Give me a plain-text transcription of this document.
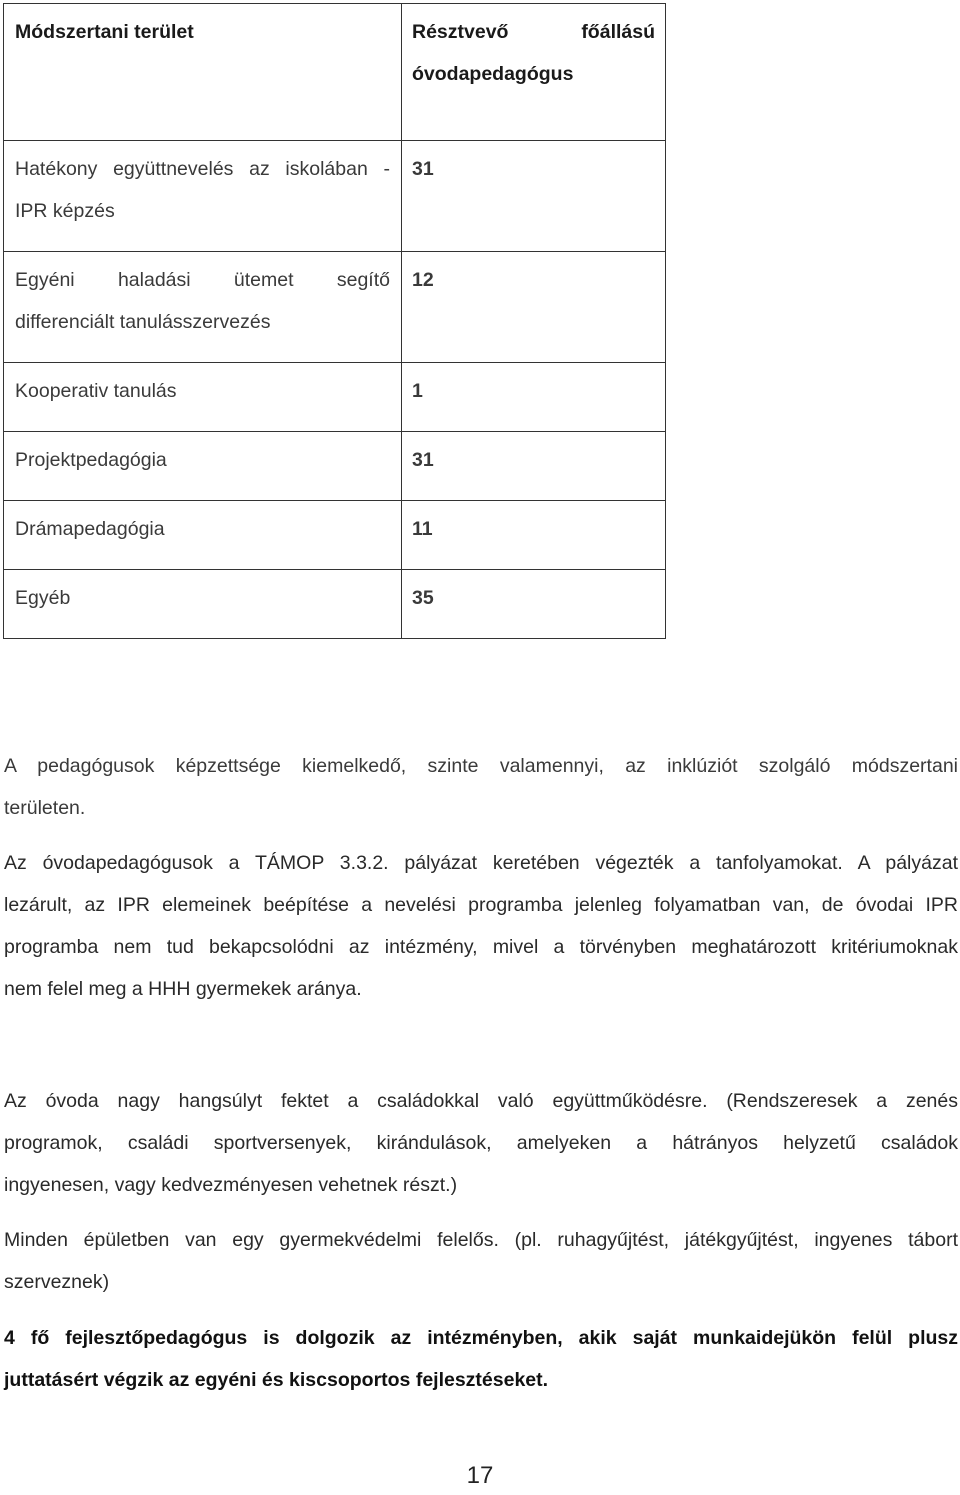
Módszertani terület	Résztvevő főállású
óvodapedagógus

Hatékony együttnevelés az iskolában -
IPR képzés	31

Egyéni haladási ütemet segítő
differenciált tanulásszervezés	12
Kooperativ tanulás	1
Projektpedagógia	31
Drámapedagógia	11
Egyéb	35
A pedagógusok képzettsége kiemelkedő, szinte valamennyi, az inklúziót szolgáló módszertani
területen.
Az óvodapedagógusok a TÁMOP 3.3.2. pályázat keretében végezték a tanfolyamokat. A pályázat
lezárult, az IPR elemeinek beépítése a nevelési programba jelenleg folyamatban van, de óvodai IPR
programba nem tud bekapcsolódni az intézmény, mivel a törvényben meghatározott kritériumoknak
nem felel meg a HHH gyermekek aránya.
Az óvoda nagy hangsúlyt fektet a családokkal való együttműködésre. (Rendszeresek a zenés
programok, családi sportversenyek, kirándulások, amelyeken a hátrányos helyzetű családok
ingyenesen, vagy kedvezményesen vehetnek részt.)
Minden épületben van egy gyermekvédelmi felelős. (pl. ruhagyűjtést, játékgyűjtést, ingyenes tábort
szerveznek)
4 fő fejlesztőpedagógus is dolgozik az intézményben, akik saját munkaidejükön felül plusz
juttatásért végzik az egyéni és kiscsoportos fejlesztéseket.
17
